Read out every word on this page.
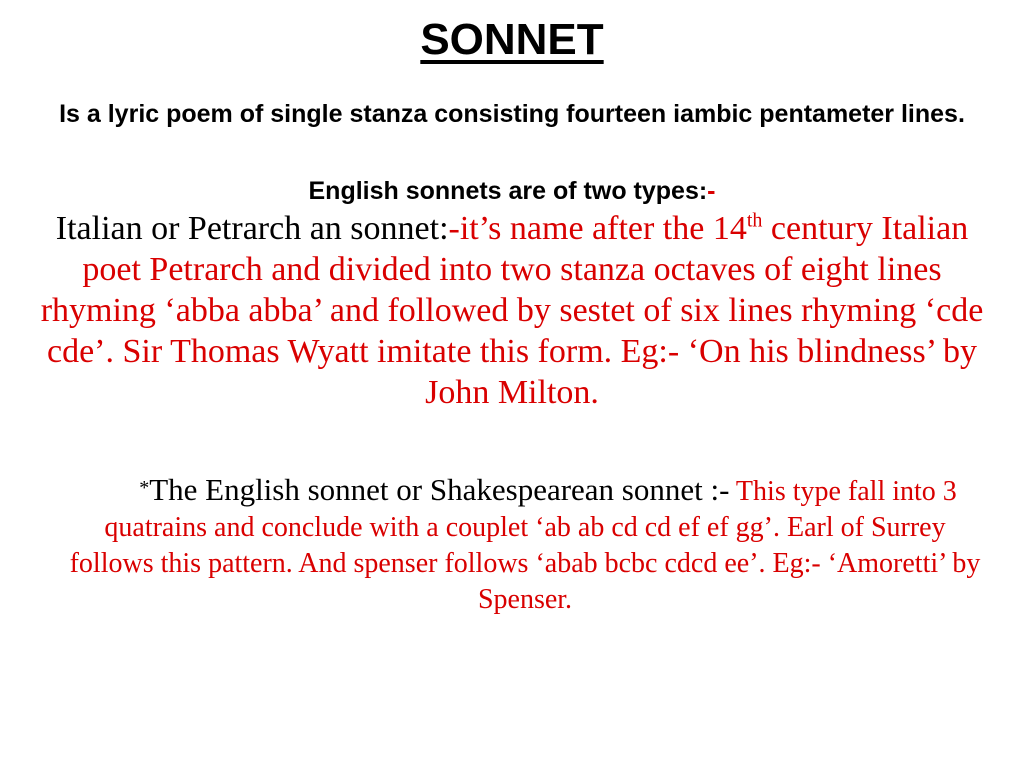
SONNET
Is a lyric poem of single stanza consisting fourteen iambic pentameter lines.
English sonnets are of two types:-
Italian or Petrarch an sonnet:-it’s name after the 14th century Italian poet Petrarch and divided into two stanza octaves of eight lines rhyming ‘abba abba’ and followed by sestet of six lines rhyming ‘cde cde’. Sir Thomas Wyatt imitate this form. Eg:- ‘On his blindness’ by John Milton.
*The English sonnet or Shakespearean sonnet :- This type fall into 3 quatrains and conclude with a couplet ‘ab ab cd cd ef ef gg’. Earl of Surrey follows this pattern. And spenser follows ‘abab bcbc cdcd ee’. Eg:- ‘Amoretti’ by Spenser.
